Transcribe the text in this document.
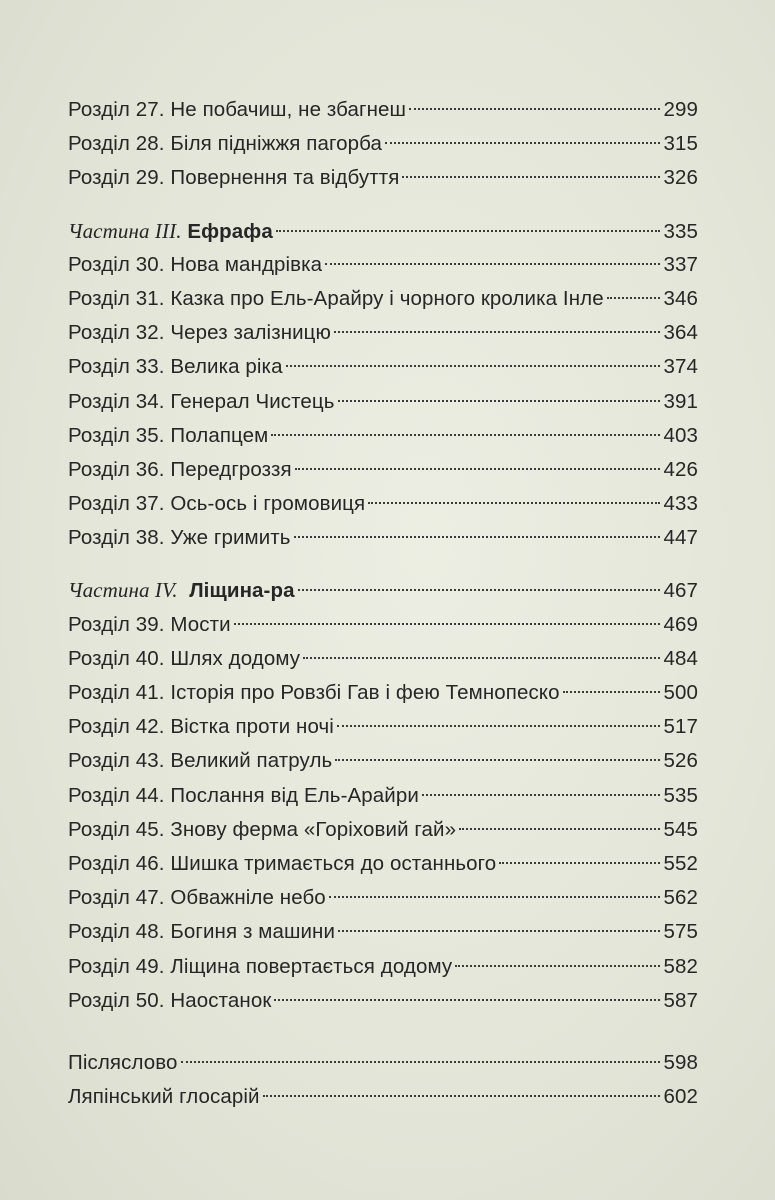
Розділ 27. Не побачиш, не збагнеш	299
Розділ 28. Біля підніжжя пагорба	315
Розділ 29. Повернення та відбуття	326
Частина III. Ефрафа	335
Розділ 30. Нова мандрівка	337
Розділ 31. Казка про Ель-Арайру і чорного кролика Інле	346
Розділ 32. Через залізницю	364
Розділ 33. Велика ріка	374
Розділ 34. Генерал Чистець	391
Розділ 35. Полапцем	403
Розділ 36. Передгроззя	426
Розділ 37. Ось-ось і громовиця	433
Розділ 38. Уже гримить	447
Частина IV. Ліщина-ра	467
Розділ 39. Мости	469
Розділ 40. Шлях додому	484
Розділ 41. Історія про Ровзбі Гав і фею Темнопеско	500
Розділ 42. Вістка проти ночі	517
Розділ 43. Великий патруль	526
Розділ 44. Послання від Ель-Арайри	535
Розділ 45. Знову ферма «Горіховий гай»	545
Розділ 46. Шишка тримається до останнього	552
Розділ 47. Обважніле небо	562
Розділ 48. Богиня з машини	575
Розділ 49. Ліщина повертається додому	582
Розділ 50. Наостанок	587
Післяслово	598
Ляпінський глосарій	602
